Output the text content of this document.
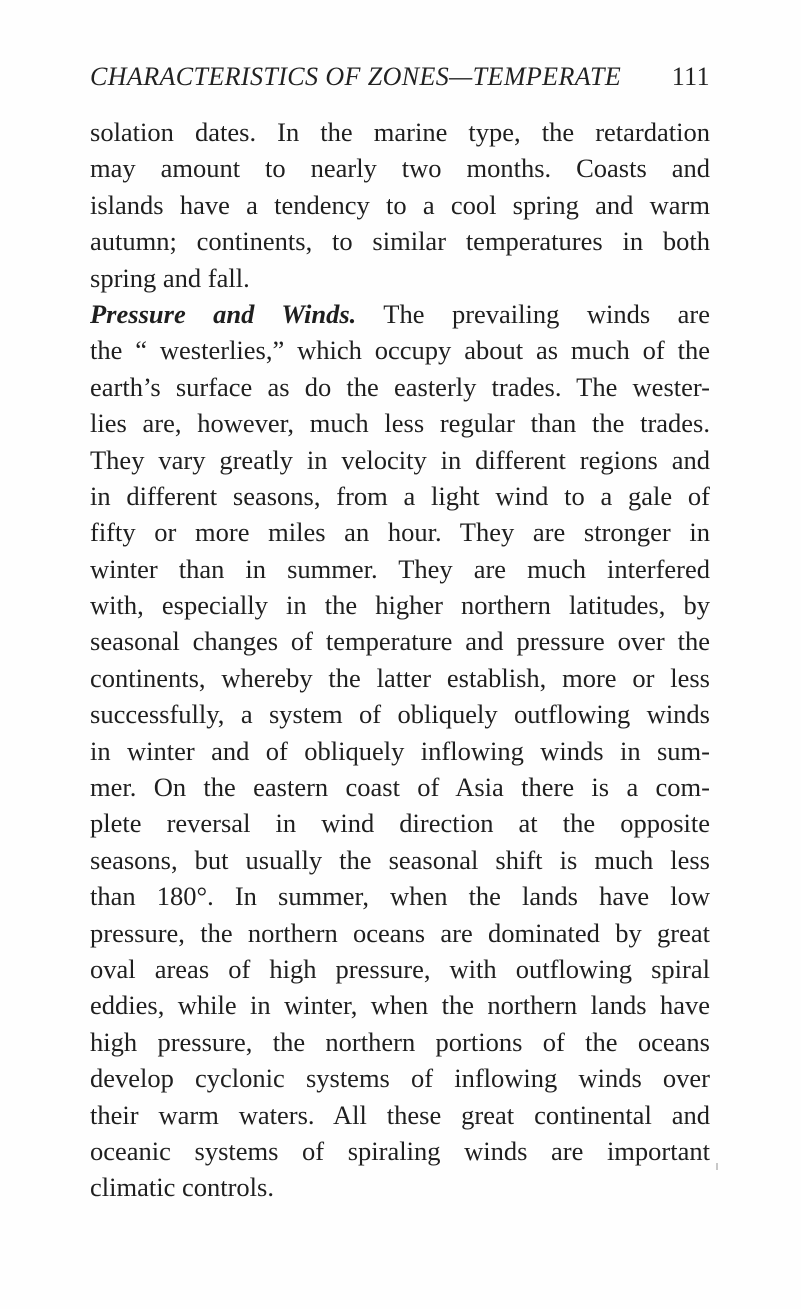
CHARACTERISTICS OF ZONES—TEMPERATE 111
solation dates. In the marine type, the retardation
may amount to nearly two months. Coasts and
islands have a tendency to a cool spring and warm
autumn; continents, to similar temperatures in both
spring and fall.
Pressure and Winds. The prevailing winds are
the “ westerlies,” which occupy about as much of the
earth’s surface as do the easterly trades. The wester-
lies are, however, much less regular than the trades.
They vary greatly in velocity in different regions and
in different seasons, from a light wind to a gale of
fifty or more miles an hour. They are stronger in
winter than in summer. They are much interfered
with, especially in the higher northern latitudes, by
seasonal changes of temperature and pressure over the
continents, whereby the latter establish, more or less
successfully, a system of obliquely outflowing winds
in winter and of obliquely inflowing winds in sum-
mer. On the eastern coast of Asia there is a com-
plete reversal in wind direction at the opposite
seasons, but usually the seasonal shift is much less
than 180°. In summer, when the lands have low
pressure, the northern oceans are dominated by great
oval areas of high pressure, with outflowing spiral
eddies, while in winter, when the northern lands have
high pressure, the northern portions of the oceans
develop cyclonic systems of inflowing winds over
their warm waters. All these great continental and
oceanic systems of spiraling winds are important
climatic controls.
